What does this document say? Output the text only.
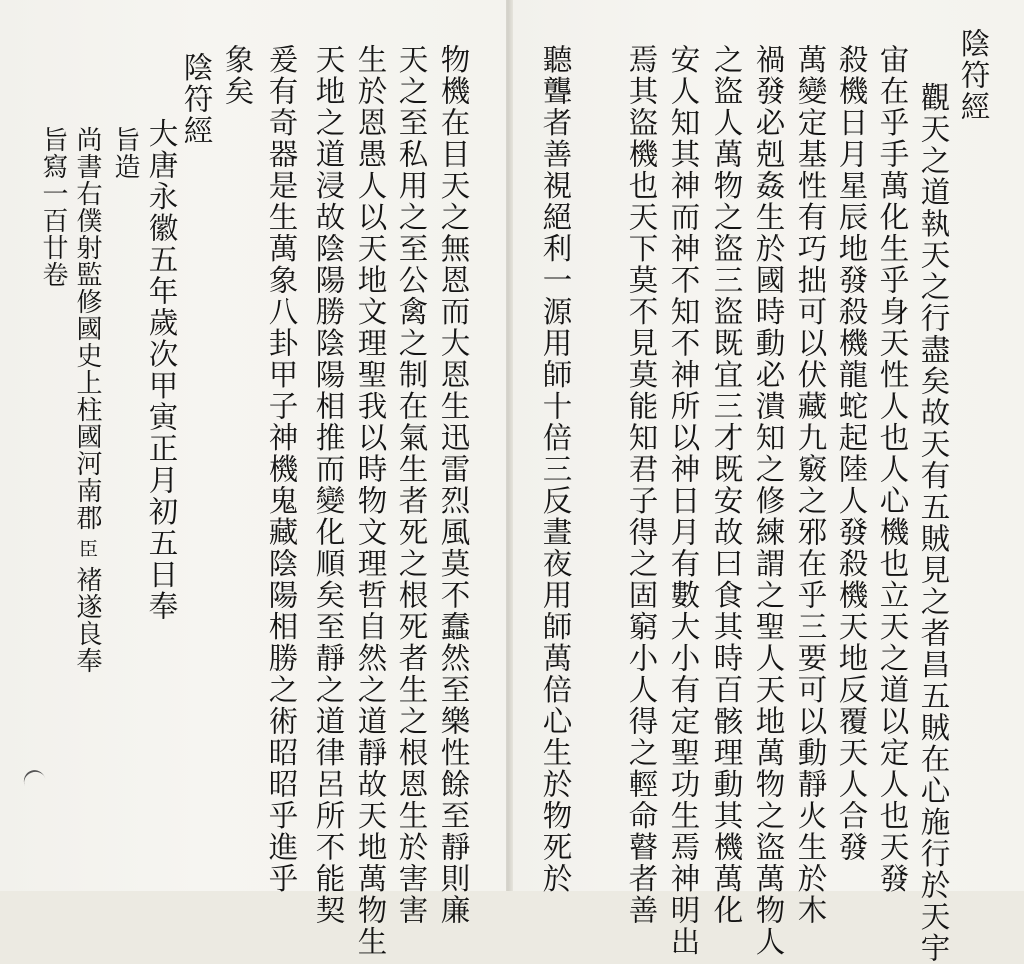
陰符經
觀天之道執天之行盡矣故天有五賊見之者昌五賊在心施行於天宇
宙在乎手萬化生乎身天性人也人心機也立天之道以定人也天發
殺機日月星辰地發殺機龍蛇起陸人發殺機天地反覆天人合發
萬變定基性有巧拙可以伏藏九竅之邪在乎三要可以動靜火生於木
禍發必剋姦生於國時動必潰知之修練謂之聖人天地萬物之盜萬物人
之盜人萬物之盜三盜既宜三才既安故曰食其時百骸理動其機萬化
安人知其神而神不知不神所以神日月有數大小有定聖功生焉神明出
焉其盜機也天下莫不見莫能知君子得之固窮小人得之輕命瞽者善
聽聾者善視絕利一源用師十倍三反晝夜用師萬倍心生於物死於
物機在目天之無恩而大恩生迅雷烈風莫不蠢然至樂性餘至靜則廉
天之至私用之至公禽之制在氣生者死之根死者生之根恩生於害害
生於恩愚人以天地文理聖我以時物文理哲自然之道靜故天地萬物生
天地之道浸故陰陽勝陰陽相推而變化順矣至靜之道律呂所不能契
爰有奇器是生萬象八卦甲子神機鬼藏陰陽相勝之術昭昭乎進乎
象矣
陰符經
大唐永徽五年歲次甲寅正月初五日奉
旨造
尚書右僕射監修國史上柱國河南郡臣褚遂良奉
旨寫一百廿卷
